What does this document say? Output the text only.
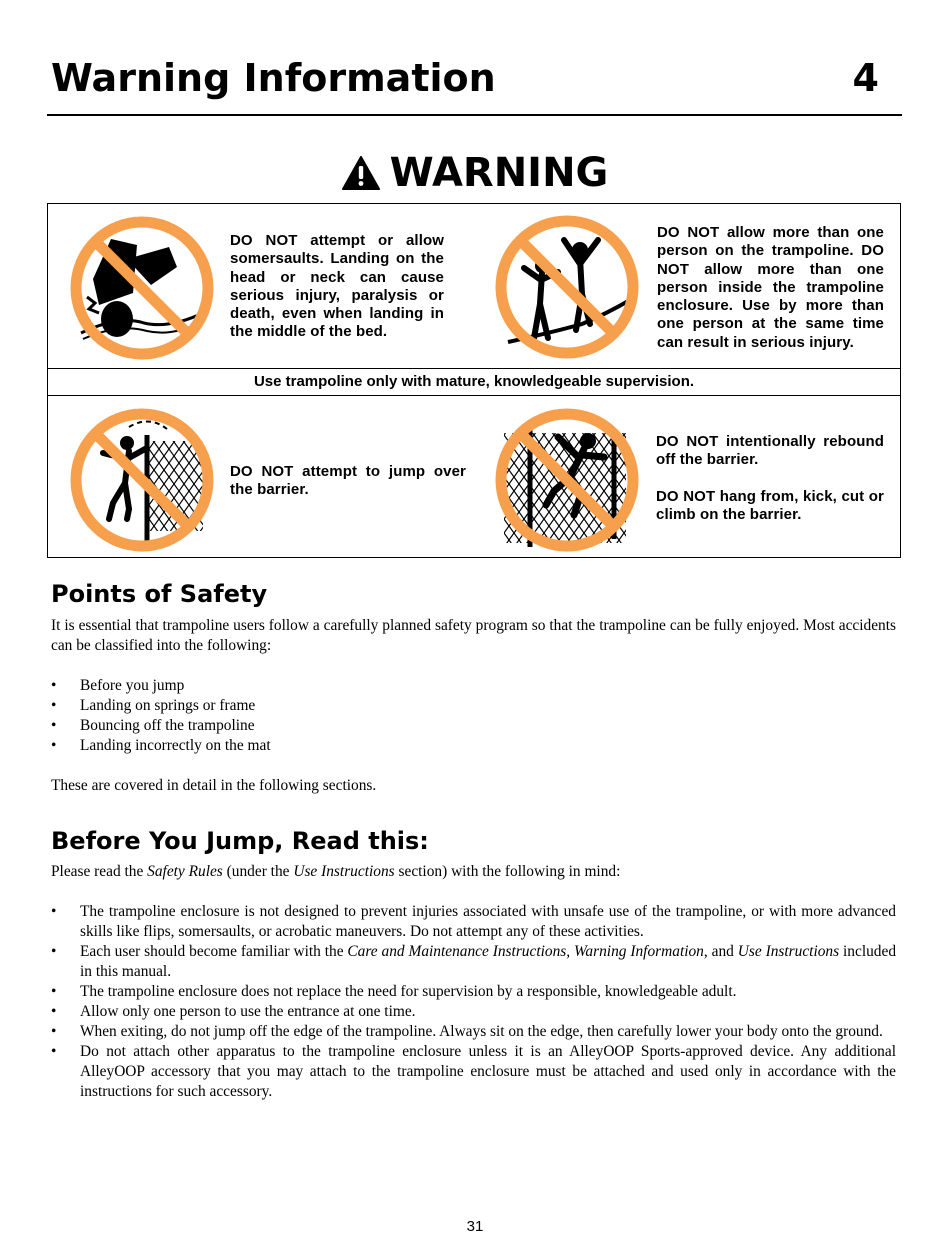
Warning Information	4
WARNING
DO NOT attempt or allow somersaults. Landing on the head or neck can cause serious injury, paralysis or death, even when landing in the middle of the bed.
DO NOT allow more than one person on the trampoline. DO NOT allow more than one person inside the trampoline enclosure. Use by more than one person at the same time can result in serious injury.
Use trampoline only with mature, knowledgeable supervision.
DO NOT attempt to jump over the barrier.
DO NOT intentionally rebound off the barrier.
DO NOT hang from, kick, cut or climb on the barrier.
Points of Safety

It is essential that trampoline users follow a carefully planned safety program so that the trampoline can be fully enjoyed. Most accidents can be classified into the following:

• Before you jump
• Landing on springs or frame
• Bouncing off the trampoline
• Landing incorrectly on the mat

These are covered in detail in the following sections.

Before You Jump, Read this:

Please read the Safety Rules (under the Use Instructions section) with the following in mind:

• The trampoline enclosure is not designed to prevent injuries associated with unsafe use of the trampoline, or with more advanced skills like flips, somersaults, or acrobatic maneuvers. Do not attempt any of these activities.
• Each user should become familiar with the Care and Maintenance Instructions, Warning Information, and Use Instructions included in this manual.
• The trampoline enclosure does not replace the need for supervision by a responsible, knowledgeable adult.
• Allow only one person to use the entrance at one time.
• When exiting, do not jump off the edge of the trampoline. Always sit on the edge, then carefully lower your body onto the ground.
• Do not attach other apparatus to the trampoline enclosure unless it is an AlleyOOP Sports-approved device. Any additional AlleyOOP accessory that you may attach to the trampoline enclosure must be attached and used only in accordance with the instructions for such accessory.
31
